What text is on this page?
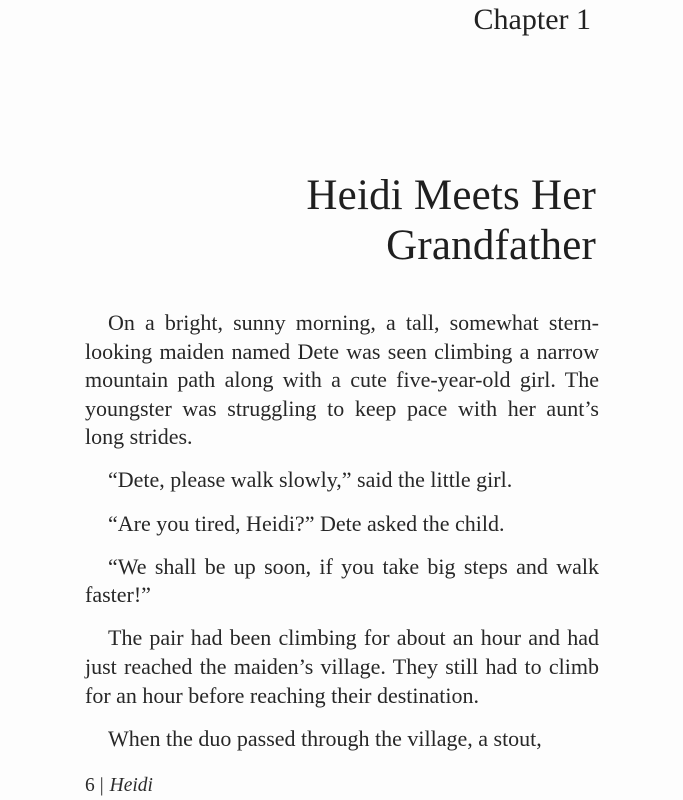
Chapter 1
Heidi Meets Her
Grandfather

On a bright, sunny morning, a tall, somewhat stern-looking maiden named Dete was seen climbing a narrow mountain path along with a cute five-year-old girl. The youngster was struggling to keep pace with her aunt’s long strides.

“Dete, please walk slowly,” said the little girl.

“Are you tired, Heidi?” Dete asked the child.

“We shall be up soon, if you take big steps and walk faster!”

The pair had been climbing for about an hour and had just reached the maiden’s village. They still had to climb for an hour before reaching their destination.

When the duo passed through the village, a stout,

6 | Heidi
